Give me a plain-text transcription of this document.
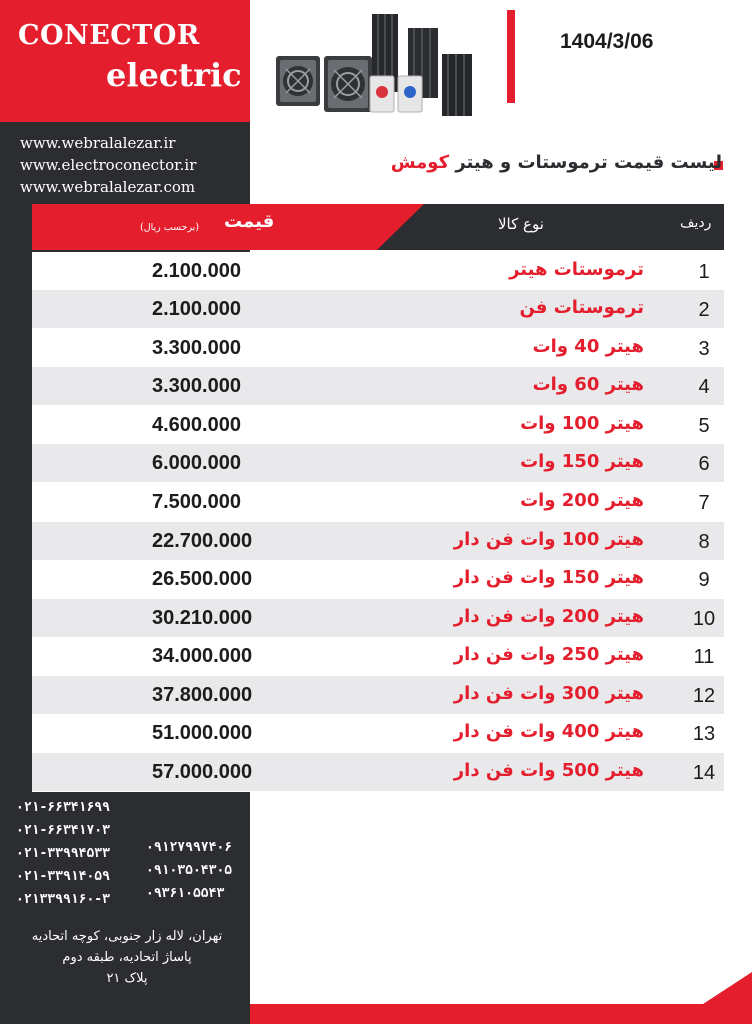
CONECTOR
electric
www.webralalezar.ir
www.electroconector.ir
www.webralalezar.com
1404/3/06
لیست قیمت ترموستات و هیتر کومش
قیمت
(برحسب ریال)	نوع کالا	ردیف
2.100.000	ترموستات هیتر	1
2.100.000	ترموستات فن	2
3.300.000	هیتر 40 وات	3
3.300.000	هیتر 60 وات	4
4.600.000	هیتر 100 وات	5
6.000.000	هیتر 150 وات	6
7.500.000	هیتر 200 وات	7
22.700.000	هیتر 100 وات فن دار	8
26.500.000	هیتر 150 وات فن دار	9
30.210.000	هیتر 200 وات فن دار 10
34.000.000	هیتر 250 وات فن دار 11
37.800.000	هیتر 300 وات فن دار 12
51.000.000	هیتر 400 وات فن دار 13
57.000.000	هیتر 500 وات فن دار 14
۰۲۱-۶۶۳۴۱۶۹۹
۰۲۱-۶۶۳۴۱۷۰۳
۰۲۱-۳۳۹۹۴۵۳۳
۰۲۱-۳۳۹۱۴۰۵۹
۰۲۱۳۳۹۹۱۶۰-۳
۰۹۱۲۷۹۹۷۴۰۶
۰۹۱۰۳۵۰۴۳۰۵
۰۹۳۶۱۰۵۵۴۳
تهران، لاله زار جنوبی، کوچه اتحادیه
پاساژ اتحادیه، طبقه دوم
پلاک ۲۱
